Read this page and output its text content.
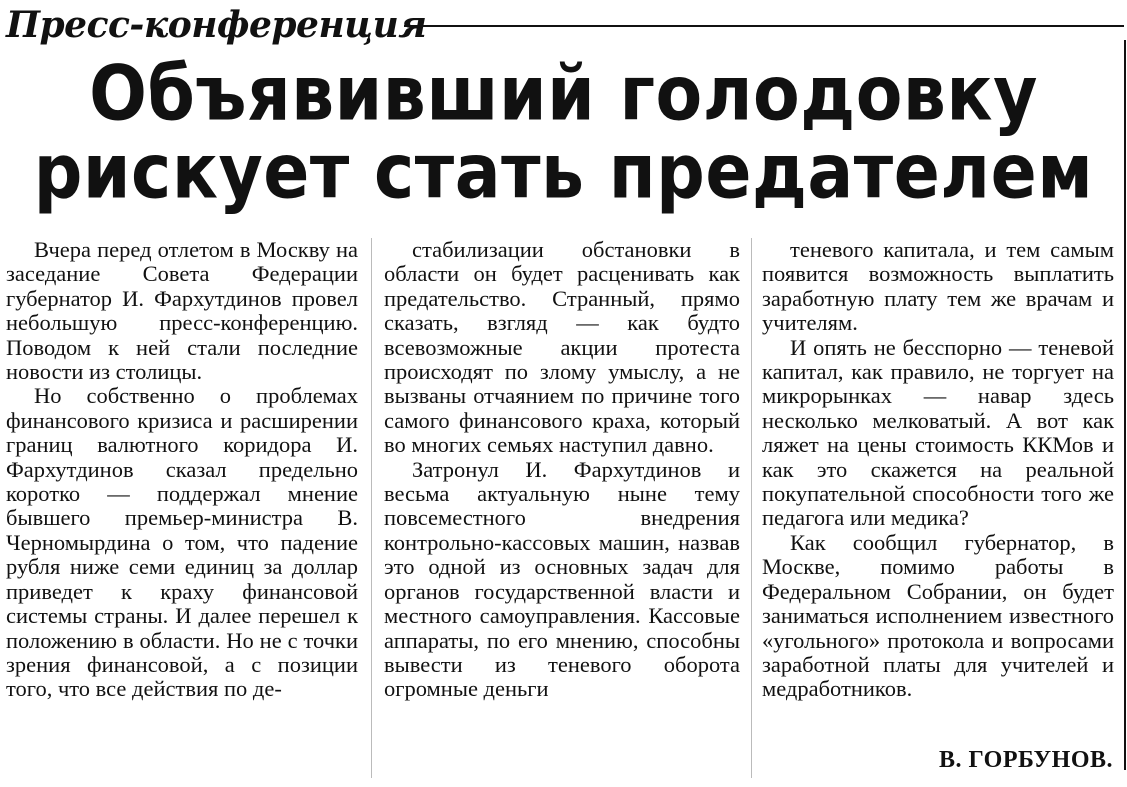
Пресс-конференция
Объявивший голодовку
рискует стать предателем

Вчера перед отлетом в Москву на заседание Совета Федерации губернатор И. Фархутдинов провел небольшую пресс-конференцию. Поводом к ней стали последние новости из столицы.

Но собственно о проблемах финансового кризиса и расширении границ валютного коридора И. Фархутдинов сказал предельно коротко — поддержал мнение бывшего премьер-министра В. Черномырдина о том, что падение рубля ниже семи единиц за доллар приведет к краху финансовой системы страны. И далее перешел к положению в области. Но не с точки зрения финансовой, а с позиции того, что все действия по де-

стабилизации обстановки в области он будет расценивать как предательство. Странный, прямо сказать, взгляд — как будто всевозможные акции протеста происходят по злому умыслу, а не вызваны отчаянием по причине того самого финансового краха, который во многих семьях наступил давно.

Затронул И. Фархутдинов и весьма актуальную ныне тему повсеместного внедрения контрольно-кассовых машин, назвав это одной из основных задач для органов государственной власти и местного самоуправления. Кассовые аппараты, по его мнению, способны вывести из теневого оборота огромные деньги

теневого капитала, и тем самым появится возможность выплатить заработную плату тем же врачам и учителям.

И опять не бесспорно — теневой капитал, как правило, не торгует на микрорынках — навар здесь несколько мелковатый. А вот как ляжет на цены стоимость ККМов и как это скажется на реальной покупательной способности того же педагога или медика?

Как сообщил губернатор, в Москве, помимо работы в Федеральном Собрании, он будет заниматься исполнением известного «угольного» протокола и вопросами заработной платы для учителей и медработников.

В. ГОРБУНОВ.
